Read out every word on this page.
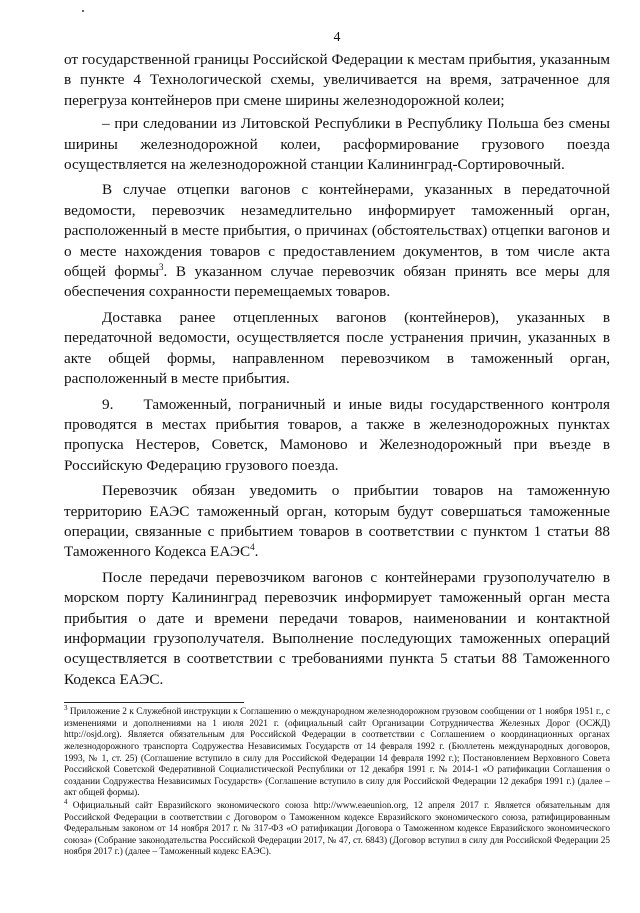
4

от государственной границы Российской Федерации к местам прибытия, указанным в пункте 4 Технологической схемы, увеличивается на время, затраченное для перегруза контейнеров при смене ширины железнодорожной колеи;

– при следовании из Литовской Республики в Республику Польша без смены ширины железнодорожной колеи, расформирование грузового поезда осуществляется на железнодорожной станции Калининград-Сортировочный.

В случае отцепки вагонов с контейнерами, указанных в передаточной ведомости, перевозчик незамедлительно информирует таможенный орган, расположенный в месте прибытия, о причинах (обстоятельствах) отцепки вагонов и о месте нахождения товаров с предоставлением документов, в том числе акта общей формы$^3$. В указанном случае перевозчик обязан принять все меры для обеспечения сохранности перемещаемых товаров.

Доставка ранее отцепленных вагонов (контейнеров), указанных в передаточной ведомости, осуществляется после устранения причин, указанных в акте общей формы, направленном перевозчиком в таможенный орган, расположенный в месте прибытия.

9.    Таможенный, пограничный и иные виды государственного контроля проводятся в местах прибытия товаров, а также в железнодорожных пунктах пропуска Нестеров, Советск, Мамоново и Железнодорожный при въезде в Российскую Федерацию грузового поезда.

Перевозчик обязан уведомить о прибытии товаров на таможенную территорию ЕАЭС таможенный орган, которым будут совершаться таможенные операции, связанные с прибытием товаров в соответствии с пунктом 1 статьи 88 Таможенного Кодекса ЕАЭС$^4$.

После передачи перевозчиком вагонов с контейнерами грузополучателю в морском порту Калининград перевозчик информирует таможенный орган места прибытия о дате и времени передачи товаров, наименовании и контактной информации грузополучателя. Выполнение последующих таможенных операций осуществляется в соответствии с требованиями пункта 5 статьи 88 Таможенного Кодекса ЕАЭС.

$^3$ Приложение 2 к Служебной инструкции к Соглашению о международном железнодорожном грузовом сообщении от 1 ноября 1951 г., с изменениями и дополнениями на 1 июля 2021 г. (официальный сайт Организации Сотрудничества Железных Дорог (ОСЖД) http://osjd.org). Является обязательным для Российской Федерации в соответствии с Соглашением о координационных органах железнодорожного транспорта Содружества Независимых Государств от 14 февраля 1992 г. (Бюллетень международных договоров, 1993, № 1, ст. 25) (Соглашение вступило в силу для Российской Федерации 14 февраля 1992 г.); Постановлением Верховного Совета Российской Советской Федеративной Социалистической Республики от 12 декабря 1991 г. № 2014-1 «О ратификации Соглашения о создании Содружества Независимых Государств» (Соглашение вступило в силу для Российской Федерации 12 декабря 1991 г.) (далее – акт общей формы).

$^4$ Официальный сайт Евразийского экономического союза http://www.eaeunion.org, 12 апреля 2017 г. Является обязательным для Российской Федерации в соответствии с Договором о Таможенном кодексе Евразийского экономического союза, ратифицированным Федеральным законом от 14 ноября 2017 г. № 317-ФЗ «О ратификации Договора о Таможенном кодексе Евразийского экономического союза» (Собрание законодательства Российской Федерации 2017, № 47, ст. 6843) (Договор вступил в силу для Российской Федерации 25 ноября 2017 г.) (далее – Таможенный кодекс ЕАЭС).
